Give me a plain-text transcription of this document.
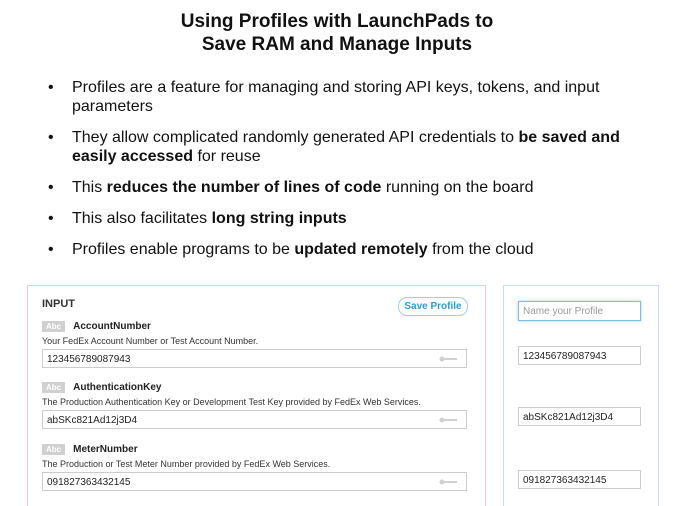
Using Profiles with LaunchPads to
Save RAM and Manage Inputs
• Profiles are a feature for managing and storing API keys, tokens, and input parameters
• They allow complicated randomly generated API credentials to be saved and easily accessed for reuse
• This reduces the number of lines of code running on the board
• This also facilitates long string inputs
• Profiles enable programs to be updated remotely from the cloud
INPUT	Save Profile
Abc AccountNumber
Your FedEx Account Number or Test Account Number.
123456789087943
Abc AuthenticationKey
The Production Authentication Key or Development Test Key provided by FedEx Web Services.
abSKc821Ad12j3D4
Abc MeterNumber
The Production or Test Meter Number provided by FedEx Web Services.
091827363432145
Name your Profile
123456789087943
abSKc821Ad12j3D4
091827363432145
